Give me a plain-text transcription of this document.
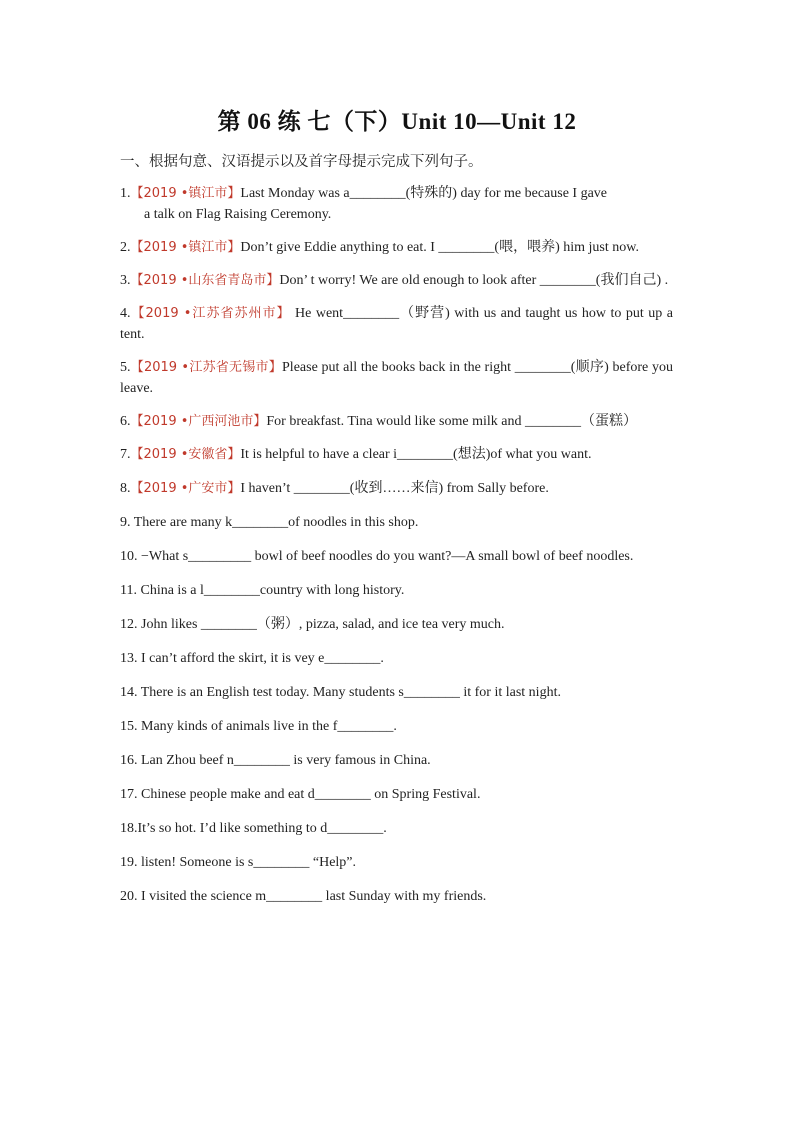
第 06 练 七（下）Unit 10—Unit 12
一、根据句意、汉语提示以及首字母提示完成下列句子。
1.【2019 •镇江市】Last Monday was a________(特殊的) day for me because I gave
a talk on Flag Raising Ceremony.
2.【2019 •镇江市】Don’t give Eddie anything to eat. I ________(喂，喂养) him just now.
3.【2019 •山东省青岛市】Don’ t worry! We are old enough to look after ________(我们自己) .
4.【2019 •江苏省苏州市】 He went________（野营) with us and taught us how to put up a tent.
5.【2019 •江苏省无锡市】Please put all the books back in the right ________(顺序) before you leave.
6.【2019 •广西河池市】For breakfast. Tina would like some milk and ________（蛋糕）
7.【2019 •安徽省】It is helpful to have a clear i________(想法)of what you want.
8.【2019 •广安市】I haven’t ________(收到……来信) from Sally before.
9. There are many k________of noodles in this shop.
10. −What s_________ bowl of beef noodles do you want?—A small bowl of beef noodles.
11. China is a l________country with long history.
12. John likes ________（粥）, pizza, salad, and ice tea very much.
13. I can’t afford the skirt, it is vey e________.
14. There is an English test today. Many students s________ it for it last night.
15. Many kinds of animals live in the f________.
16. Lan Zhou beef n________ is very famous in China.
17. Chinese people make and eat d________ on Spring Festival.
18.It’s so hot. I’d like something to d________.
19. listen! Someone is s________ “Help”.
20. I visited the science m________ last Sunday with my friends.
